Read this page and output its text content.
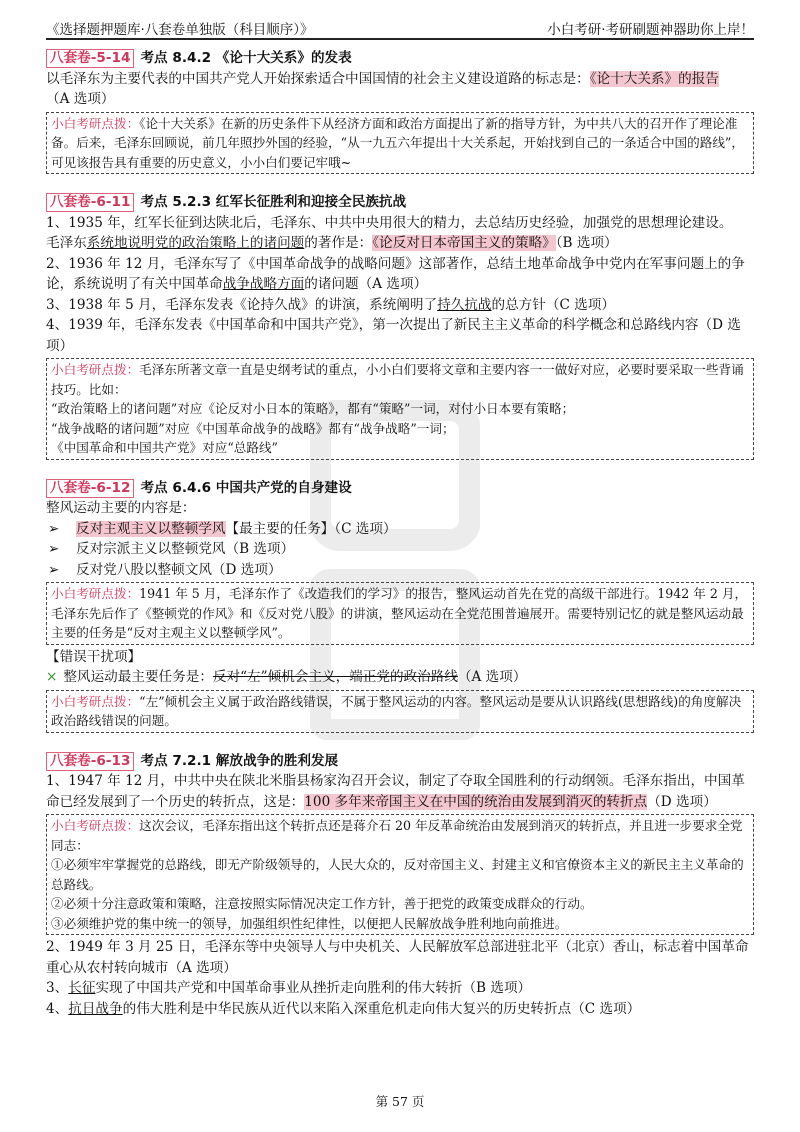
《选择题押题库·八套卷单独版（科目顺序）》	小白考研·考研刷题神器助你上岸！
八套卷-5-14 考点 8.4.2 《论十大关系》的发表

以毛泽东为主要代表的中国共产党人开始探索适合中国国情的社会主义建设道路的标志是：《论十大关系》的报告

（A 选项）

小白考研点拨：《论十大关系》在新的历史条件下从经济方面和政治方面提出了新的指导方针，为中共八大的召开作了理论准备。后来，毛泽东回顾说，前几年照抄外国的经验，“从一九五六年提出十大关系起，开始找到自己的一条适合中国的路线”，可见该报告具有重要的历史意义，小小白们要记牢哦~
八套卷-6-11 考点 5.2.3 红军长征胜利和迎接全民族抗战

1、1935 年，红军长征到达陕北后，毛泽东、中共中央用很大的精力，去总结历史经验，加强党的思想理论建设。

毛泽东系统地说明党的政治策略上的诸问题的著作是：《论反对日本帝国主义的策略》（B 选项）

2、1936 年 12 月，毛泽东写了《中国革命战争的战略问题》这部著作，总结土地革命战争中党内在军事问题上的争论，系统说明了有关中国革命战争战略方面的诸问题（A 选项）

3、1938 年 5 月，毛泽东发表《论持久战》的讲演，系统阐明了持久抗战的总方针（C 选项）

4、1939 年，毛泽东发表《中国革命和中国共产党》，第一次提出了新民主主义革命的科学概念和总路线内容（D 选项）

小白考研点拨：毛泽东所著文章一直是史纲考试的重点，小小白们要将文章和主要内容一一做好对应，必要时要采取一些背诵技巧。比如：
“政治策略上的诸问题”对应《论反对小日本的策略》，都有“策略”一词，对付小日本要有策略；
“战争战略的诸问题”对应《中国革命战争的战略》都有“战争战略”一词；
《中国革命和中国共产党》对应“总路线”
八套卷-6-12 考点 6.4.6 中国共产党的自身建设

整风运动主要的内容是：

➢ 反对主观主义以整顿学风【最主要的任务】（C 选项）

➢ 反对宗派主义以整顿党风（B 选项）

➢ 反对党八股以整顿文风（D 选项）

小白考研点拨：1941 年 5 月，毛泽东作了《改造我们的学习》的报告，整风运动首先在党的高级干部进行。1942 年 2 月，毛泽东先后作了《整顿党的作风》和《反对党八股》的讲演，整风运动在全党范围普遍展开。需要特别记忆的就是整风运动最主要的任务是“反对主观主义以整顿学风”。

【错误干扰项】

× 整风运动最主要任务是：反对“左”倾机会主义，端正党的政治路线（A 选项）

小白考研点拨：“左”倾机会主义属于政治路线错误，不属于整风运动的内容。整风运动是要从认识路线(思想路线)的角度解决政治路线错误的问题。
八套卷-6-13 考点 7.2.1 解放战争的胜利发展

1、1947 年 12 月，中共中央在陕北米脂县杨家沟召开会议，制定了夺取全国胜利的行动纲领。毛泽东指出，中国革命已经发展到了一个历史的转折点，这是：100 多年来帝国主义在中国的统治由发展到消灭的转折点（D 选项）

小白考研点拨：这次会议，毛泽东指出这个转折点还是蒋介石 20 年反革命统治由发展到消灭的转折点，并且进一步要求全党同志：
①必须牢牢掌握党的总路线，即无产阶级领导的，人民大众的，反对帝国主义、封建主义和官僚资本主义的新民主主义革命的总路线。
②必须十分注意政策和策略，注意按照实际情况决定工作方针，善于把党的政策变成群众的行动。
③必须维护党的集中统一的领导，加强组织性纪律性，以便把人民解放战争胜利地向前推进。

2、1949 年 3 月 25 日，毛泽东等中央领导人与中央机关、人民解放军总部进驻北平（北京）香山，标志着中国革命重心从农村转向城市（A 选项）

3、长征实现了中国共产党和中国革命事业从挫折走向胜利的伟大转折（B 选项）

4、抗日战争的伟大胜利是中华民族从近代以来陷入深重危机走向伟大复兴的历史转折点（C 选项）

第 57 页
